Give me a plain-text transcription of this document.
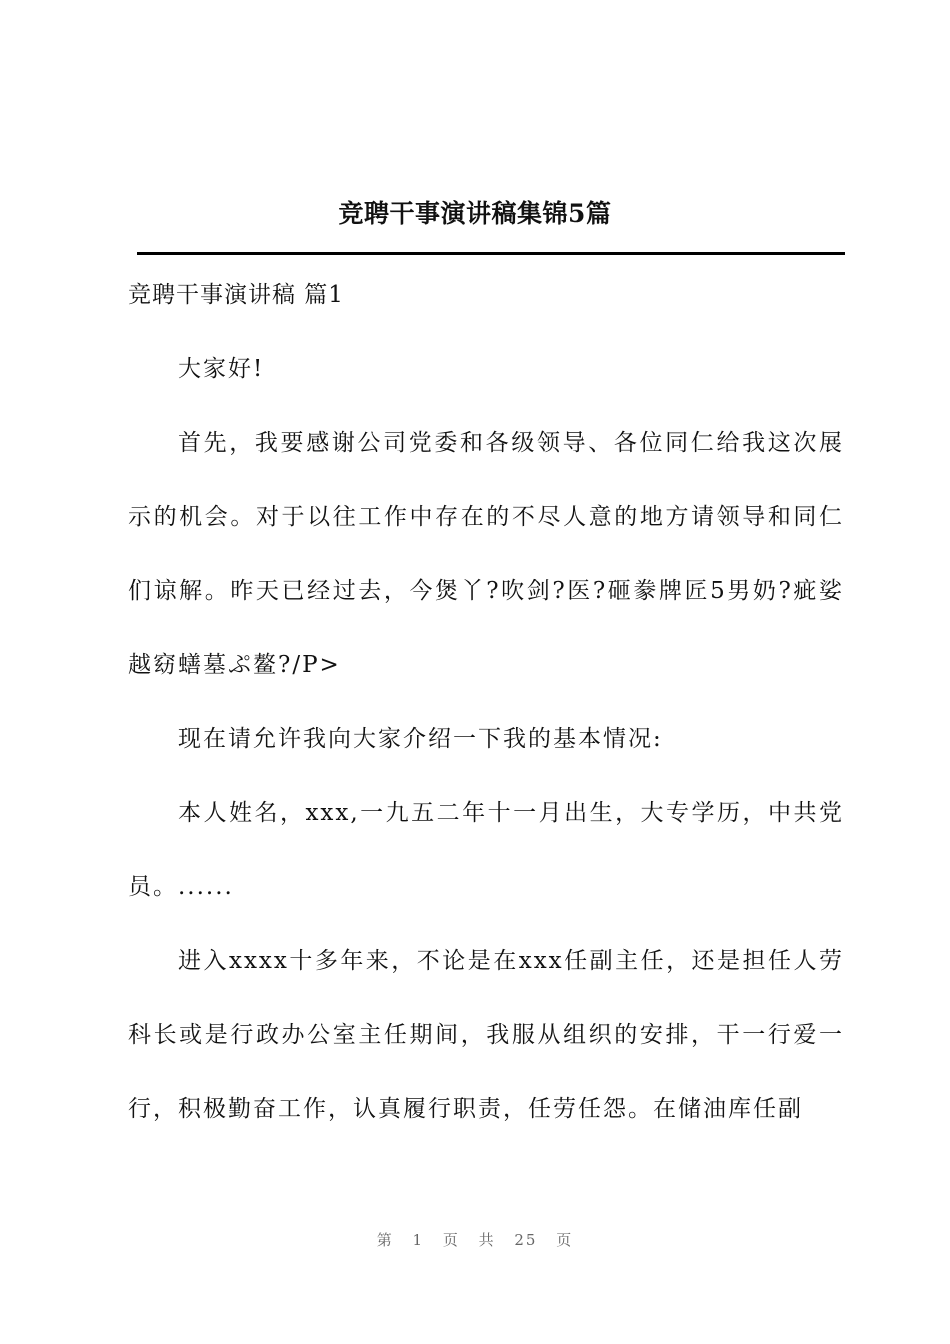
竞聘干事演讲稿集锦5篇
竞聘干事演讲稿 篇1

大家好!

首先，我要感谢公司党委和各级领导、各位同仁给我这次展示的机会。对于以往工作中存在的不尽人意的地方请领导和同仁们谅解。昨天已经过去，今煲丫?吹剑?医?砸豢牌匠5男奶?疵娑越窈蟮墓ぷ鳌?/P>

现在请允许我向大家介绍一下我的基本情况:

本人姓名，xxx,一九五二年十一月出生，大专学历，中共党员。......

进入xxxx十多年来，不论是在xxx任副主任，还是担任人劳科长或是行政办公室主任期间，我服从组织的安排，干一行爱一行，积极勤奋工作，认真履行职责，任劳任怨。在储油库任副

第 1 页 共 25 页
